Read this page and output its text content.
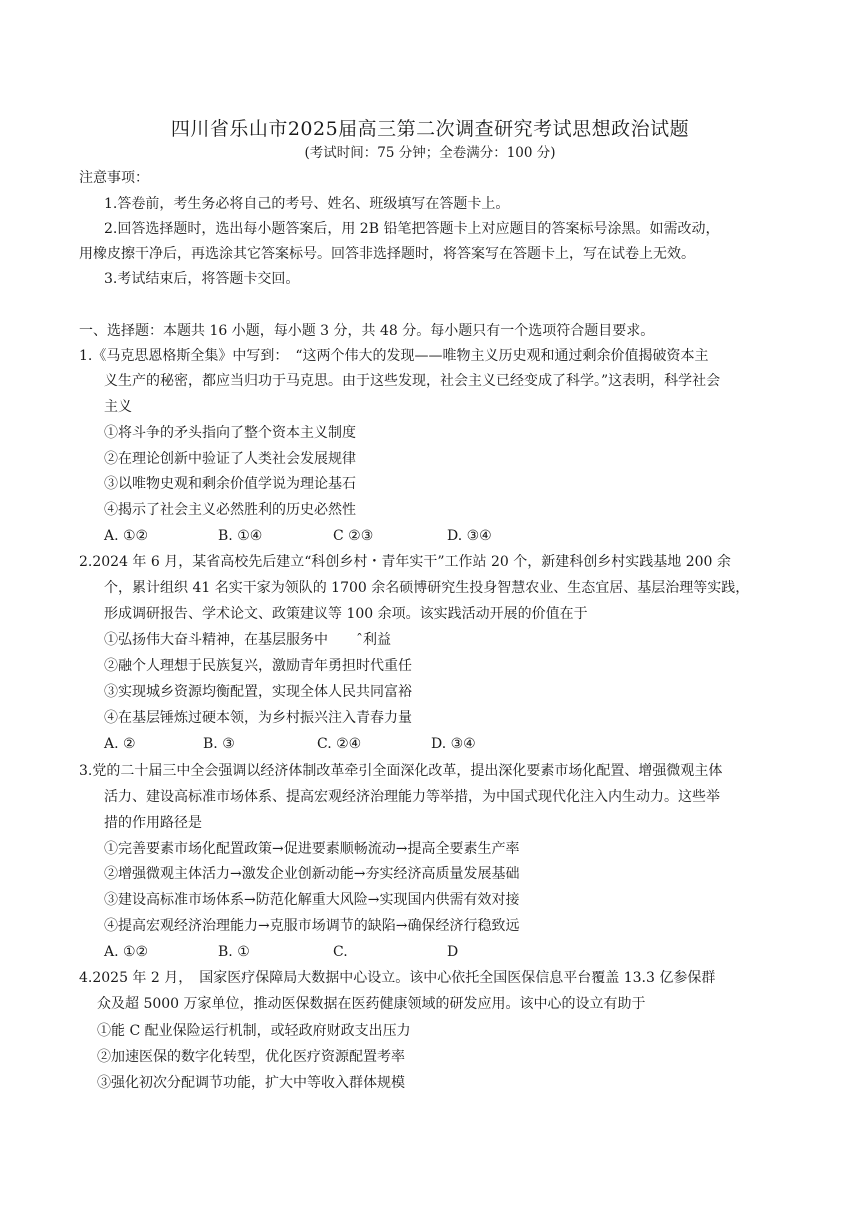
四川省乐山市2025届高三第二次调查研究考试思想政治试题
(考试时间：75 分钟；全卷满分：100 分)
注意事项：
1.答卷前，考生务必将自己的考号、姓名、班级填写在答题卡上。
2.回答选择题时，选出每小题答案后，用 2B 铅笔把答题卡上对应题目的答案标号涂黑。如需改动，
用橡皮擦干净后，再选涂其它答案标号。回答非选择题时，将答案写在答题卡上，写在试卷上无效。
3.考试结束后，将答题卡交回。
一、选择题：本题共 16 小题，每小题 3 分，共 48 分。每小题只有一个选项符合题目要求。
1.《马克思恩格斯全集》中写到：　“这两个伟大的发现——唯物主义历史观和通过剩余价值揭破资本主
义生产的秘密，都应当归功于马克思。由于这些发现，社会主义已经变成了科学。”这表明，科学社会
主义
①将斗争的矛头指向了整个资本主义制度
②在理论创新中验证了人类社会发展规律
③以唯物史观和剩余价值学说为理论基石
④揭示了社会主义必然胜利的历史必然性
A. ①②	B. ①④	C ②③	D. ③④
2.2024 年 6 月，某省高校先后建立“科创乡村・青年实干”工作站 20 个，新建科创乡村实践基地 200 余
个，累计组织 41 名实干家为领队的 1700 余名硕博研究生投身智慧农业、生态宜居、基层治理等实践，
形成调研报告、学术论文、政策建议等 100 余项。该实践活动开展的价值在于
①弘扬伟大奋斗精神，在基层服务中　　ˆ利益
②融个人理想于民族复兴，激励青年勇担时代重任
③实现城乡资源均衡配置，实现全体人民共同富裕
④在基层锤炼过硬本领，为乡村振兴注入青春力量
A. ②	B. ③	C. ②④	D. ③④
3.党的二十届三中全会强调以经济体制改革牵引全面深化改革，提出深化要素市场化配置、增强微观主体
活力、建设高标准市场体系、提高宏观经济治理能力等举措，为中国式现代化注入内生动力。这些举
措的作用路径是
①完善要素市场化配置政策→促进要素顺畅流动→提高全要素生产率
②增强微观主体活力→激发企业创新动能→夯实经济高质量发展基础
③建设高标准市场体系→防范化解重大风险→实现国内供需有效对接
④提高宏观经济治理能力→克服市场调节的缺陷→确保经济行稳致远
A. ①②	B. ①	C.	D
4.2025 年 2 月，　国家医疗保障局大数据中心设立。该中心依托全国医保信息平台覆盖 13.3 亿参保群
众及超 5000 万家单位，推动医保数据在医药健康领域的研发应用。该中心的设立有助于
①能 C 配业保险运行机制，或轻政府财政支出压力
②加速医保的数字化转型，优化医疗资源配置考率
③强化初次分配调节功能，扩大中等收入群体规模
